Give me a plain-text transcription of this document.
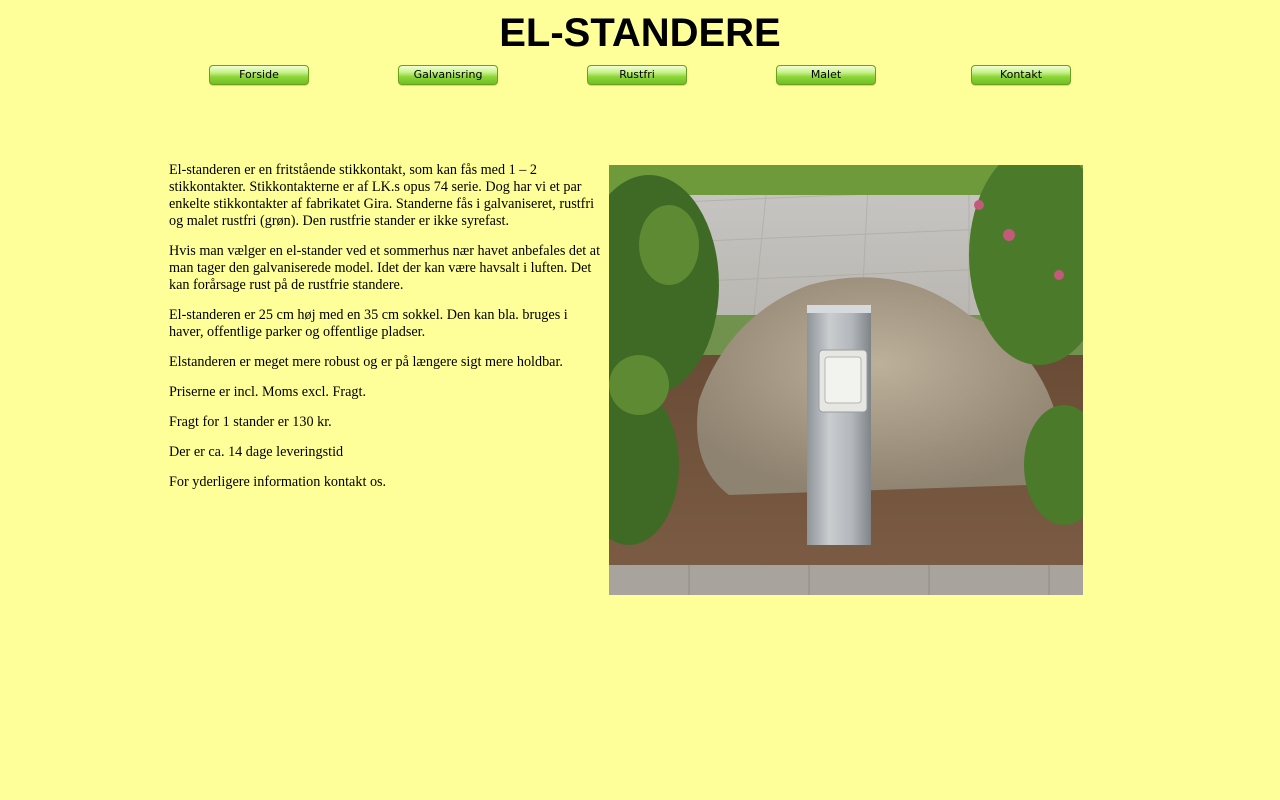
EL-STANDERE
Forside	Galvanisring	Rustfri	Malet	Kontakt

El-standeren er en fritstående stikkontakt, som kan fås med 1 – 2 stikkontakter. Stikkontakterne er af LK.s opus 74 serie. Dog har vi et par enkelte stikkontakter af fabrikatet Gira. Standerne fås i galvaniseret, rustfri og malet rustfri (grøn). Den rustfrie stander er ikke syrefast.

Hvis man vælger en el-stander ved et sommerhus nær havet anbefales det at man tager den galvaniserede model. Idet der kan være havsalt i luften. Det kan forårsage rust på de rustfrie standere.

El-standeren er 25 cm høj med en 35 cm sokkel. Den kan bla. bruges i haver, offentlige parker og offentlige pladser.

Elstanderen er meget mere robust og er på længere sigt mere holdbar.

Priserne er incl. Moms excl. Fragt.

Fragt for 1 stander er 130 kr.

Der er ca. 14 dage leveringstid

For yderligere information kontakt os.
